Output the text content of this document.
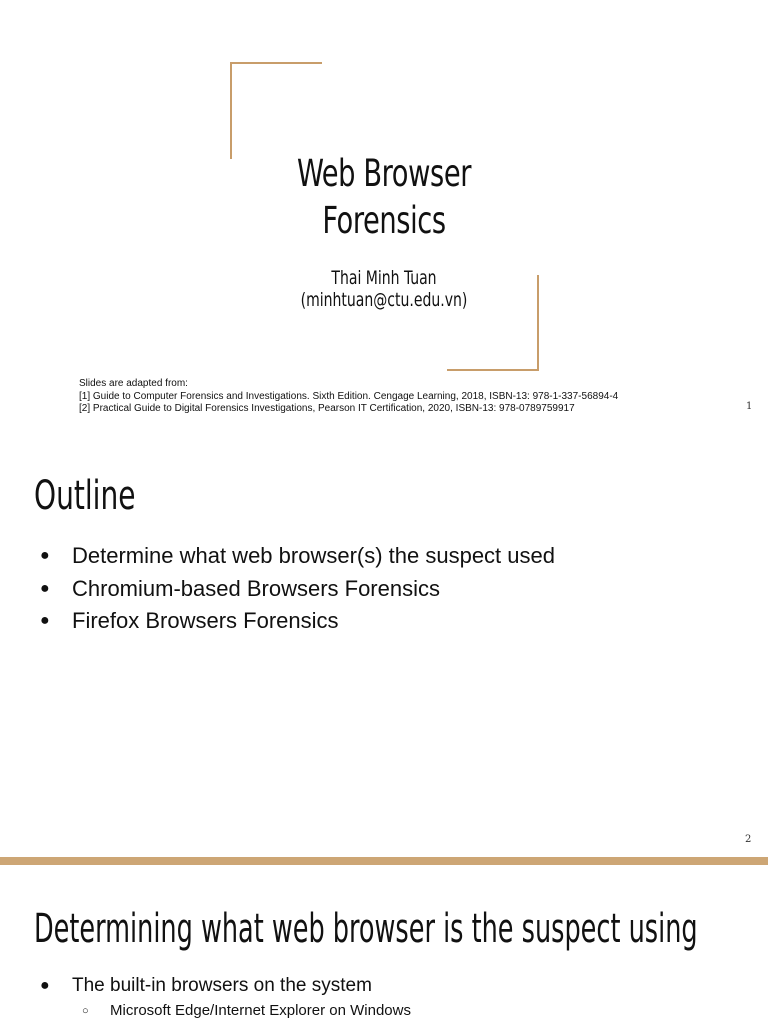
Web Browser
Forensics
Thai Minh Tuan
(minhtuan@ctu.edu.vn)
Slides are adapted from:
[1] Guide to Computer Forensics and Investigations. Sixth Edition. Cengage Learning, 2018, ISBN-13: 978-1-337-56894-4
[2] Practical Guide to Digital Forensics Investigations, Pearson IT Certification, 2020, ISBN-13: 978-0789759917	1
Outline
● Determine what web browser(s) the suspect used
● Chromium-based Browsers Forensics
● Firefox Browsers Forensics
2
Determining what web browser is the suspect using
● The built-in browsers on the system
○ Microsoft Edge/Internet Explorer on Windows
